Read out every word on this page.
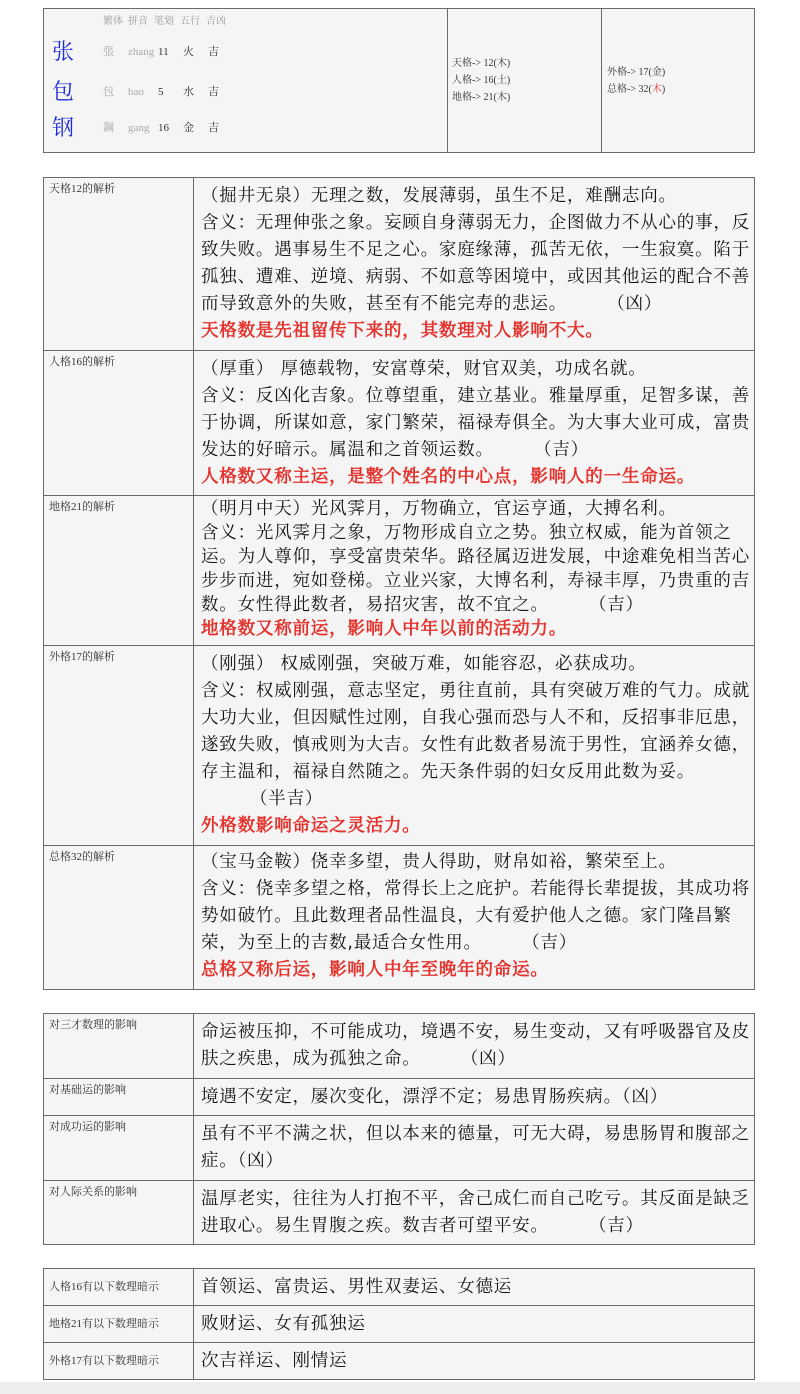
繁体 拼音 笔划 五行 吉凶
张	張 zhang 11 火 吉
包	包 bao 5 水 吉
钢	鋼 gang 16 金 吉
天格-> 12(木)
人格-> 16(土)
地格-> 21(木)
外格-> 17(金)
总格-> 32(木)
天格12的解析	（掘井无泉）无理之数，发展薄弱，虽生不足，难酬志向。
含义：无理伸张之象。妄顾自身薄弱无力，企图做力不从心的事，反致失败。遇事易生不足之心。家庭缘薄，孤苦无依，一生寂寞。陷于孤独、遭难、逆境、病弱、不如意等困境中，或因其他运的配合不善而导致意外的失败，甚至有不能完寿的悲运。	（凶）
天格数是先祖留传下来的，其数理对人影响不大。
人格16的解析	（厚重） 厚德载物，安富尊荣，财官双美，功成名就。
含义：反凶化吉象。位尊望重，建立基业。雅量厚重，足智多谋，善于协调，所谋如意，家门繁荣，福禄寿俱全。为大事大业可成，富贵发达的好暗示。属温和之首领运数。	（吉）
人格数又称主运，是整个姓名的中心点，影响人的一生命运。
地格21的解析	（明月中天）光风霁月，万物确立，官运亨通，大搏名利。
含义：光风霁月之象，万物形成自立之势。独立权威，能为首领之运。为人尊仰，享受富贵荣华。路径属迈进发展，中途难免相当苦心步步而进，宛如登梯。立业兴家，大博名利，寿禄丰厚，乃贵重的吉数。女性得此数者，易招灾害，故不宜之。	（吉）
地格数又称前运，影响人中年以前的活动力。
外格17的解析	（刚强） 权威刚强，突破万难，如能容忍，必获成功。
含义：权威刚强，意志坚定，勇往直前，具有突破万难的气力。成就大功大业，但因赋性过刚，自我心强而恐与人不和，反招事非厄患，遂致失败，慎戒则为大吉。女性有此数者易流于男性，宜涵养女德，存主温和，福禄自然随之。先天条件弱的妇女反用此数为妥。（半吉）
外格数影响命运之灵活力。
总格32的解析	（宝马金鞍）侥幸多望，贵人得助，财帛如裕，繁荣至上。
含义：侥幸多望之格，常得长上之庇护。若能得长辈提拔，其成功将势如破竹。且此数理者品性温良，大有爱护他人之德。家门隆昌繁荣，为至上的吉数,最适合女性用。	（吉）
总格又称后运，影响人中年至晚年的命运。
对三才数理的影响	命运被压抑，不可能成功，境遇不安，易生变动，又有呼吸器官及皮肤之疾患，成为孤独之命。	（凶）
对基础运的影响	境遇不安定，屡次变化，漂浮不定；易患胃肠疾病。（凶）
对成功运的影响	虽有不平不满之状，但以本来的德量，可无大碍，易患肠胃和腹部之症。（凶）
对人际关系的影响	温厚老实，往往为人打抱不平，舍己成仁而自己吃亏。其反面是缺乏进取心。易生胃腹之疾。数吉者可望平安。	（吉）
人格16有以下数理暗示	首领运、富贵运、男性双妻运、女德运
地格21有以下数理暗示	败财运、女有孤独运
外格17有以下数理暗示	次吉祥运、刚情运
